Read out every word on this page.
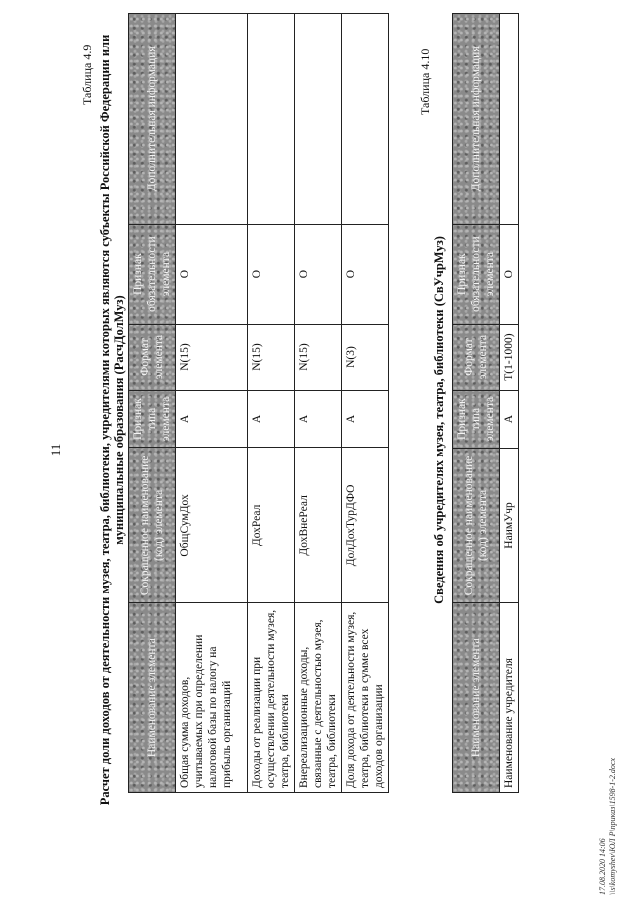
11
Таблица 4.9 Расчет доли доходов от деятельности музея, театра, библиотеки, учредителями которых являются субъекты Российской Федерации или муниципальные образования (РасчДолМуз)
Наименование элемента	Сокращенное наименование (код) элемента	Признак типа элемента	Формат элемента	Признак обязательности элемента	Дополнительная информация
Общая сумма доходов, учитываемых при определении налоговой базы по налогу на прибыль организаций	ОбщСумДох	А	N(15)	О	
Доходы от реализации при осуществлении деятельности музея, театра, библиотеки	ДохРеал	А	N(15)	О	
Внереализационные доходы, связанные с деятельностью музея, театра, библиотеки	ДохВнеРеал	А	N(15)	О	
Доля дохода от деятельности музея, театра, библиотеки в сумме всех доходов организации	ДолДохТурДФО	А	N(3)	О	
Таблица 4.10
Сведения об учредителях музея, театра, библиотеки (СвУчрМуз)
Наименование элемента	Сокращенное наименование (код) элемента	Признак типа элемента	Формат элемента	Признак обязательности элемента	Дополнительная информация
Наименование учредителя	НаимУчр	А	T(1-1000)	О	
17.08.2020 14:06 \\s\komyshev\ЮЛ Р\приказ\1598-1-2.docx
